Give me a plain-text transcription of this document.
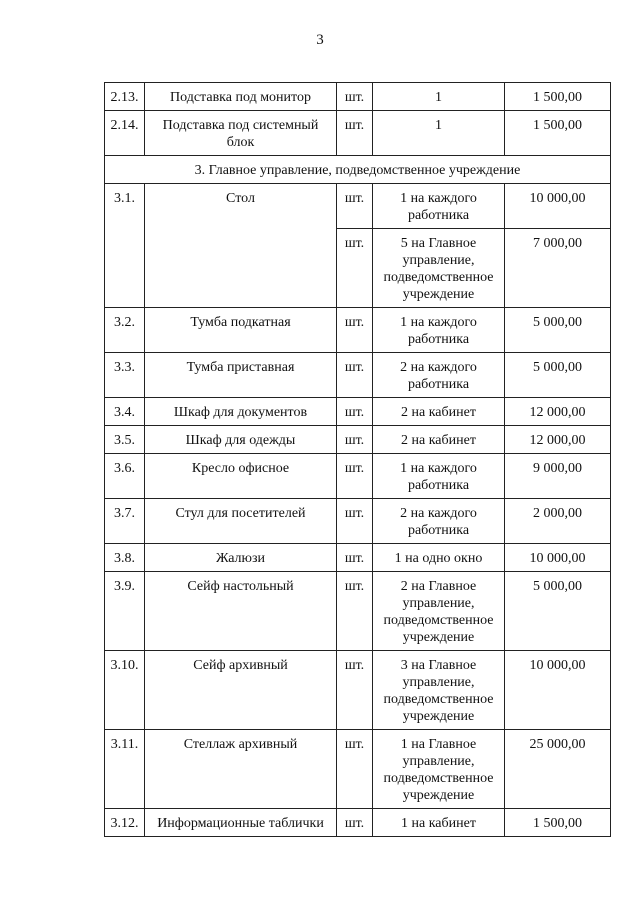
3
2.13.	Подставка под монитор	шт.	1	1 500,00
2.14.	Подставка под системный блок	шт.	1	1 500,00
3. Главное управление, подведомственное учреждение				
3.1.	Стол	шт.	1 на каждого работника	10 000,00
		шт.	5 на Главное управление, подведомственное учреждение	7 000,00
3.2.	Тумба подкатная	шт.	1 на каждого работника	5 000,00
3.3.	Тумба приставная	шт.	2 на каждого работника	5 000,00
3.4.	Шкаф для документов	шт.	2 на кабинет	12 000,00
3.5.	Шкаф для одежды	шт.	2 на кабинет	12 000,00
3.6.	Кресло офисное	шт.	1 на каждого работника	9 000,00
3.7.	Стул для посетителей	шт.	2 на каждого работника	2 000,00
3.8.	Жалюзи	шт.	1 на одно окно	10 000,00
3.9.	Сейф настольный	шт.	2 на Главное управление, подведомственное учреждение	5 000,00
3.10.	Сейф архивный	шт.	3 на Главное управление, подведомственное учреждение	10 000,00
3.11.	Стеллаж архивный	шт.	1 на Главное управление, подведомственное учреждение	25 000,00
3.12.	Информационные таблички	шт.	1 на кабинет	1 500,00
